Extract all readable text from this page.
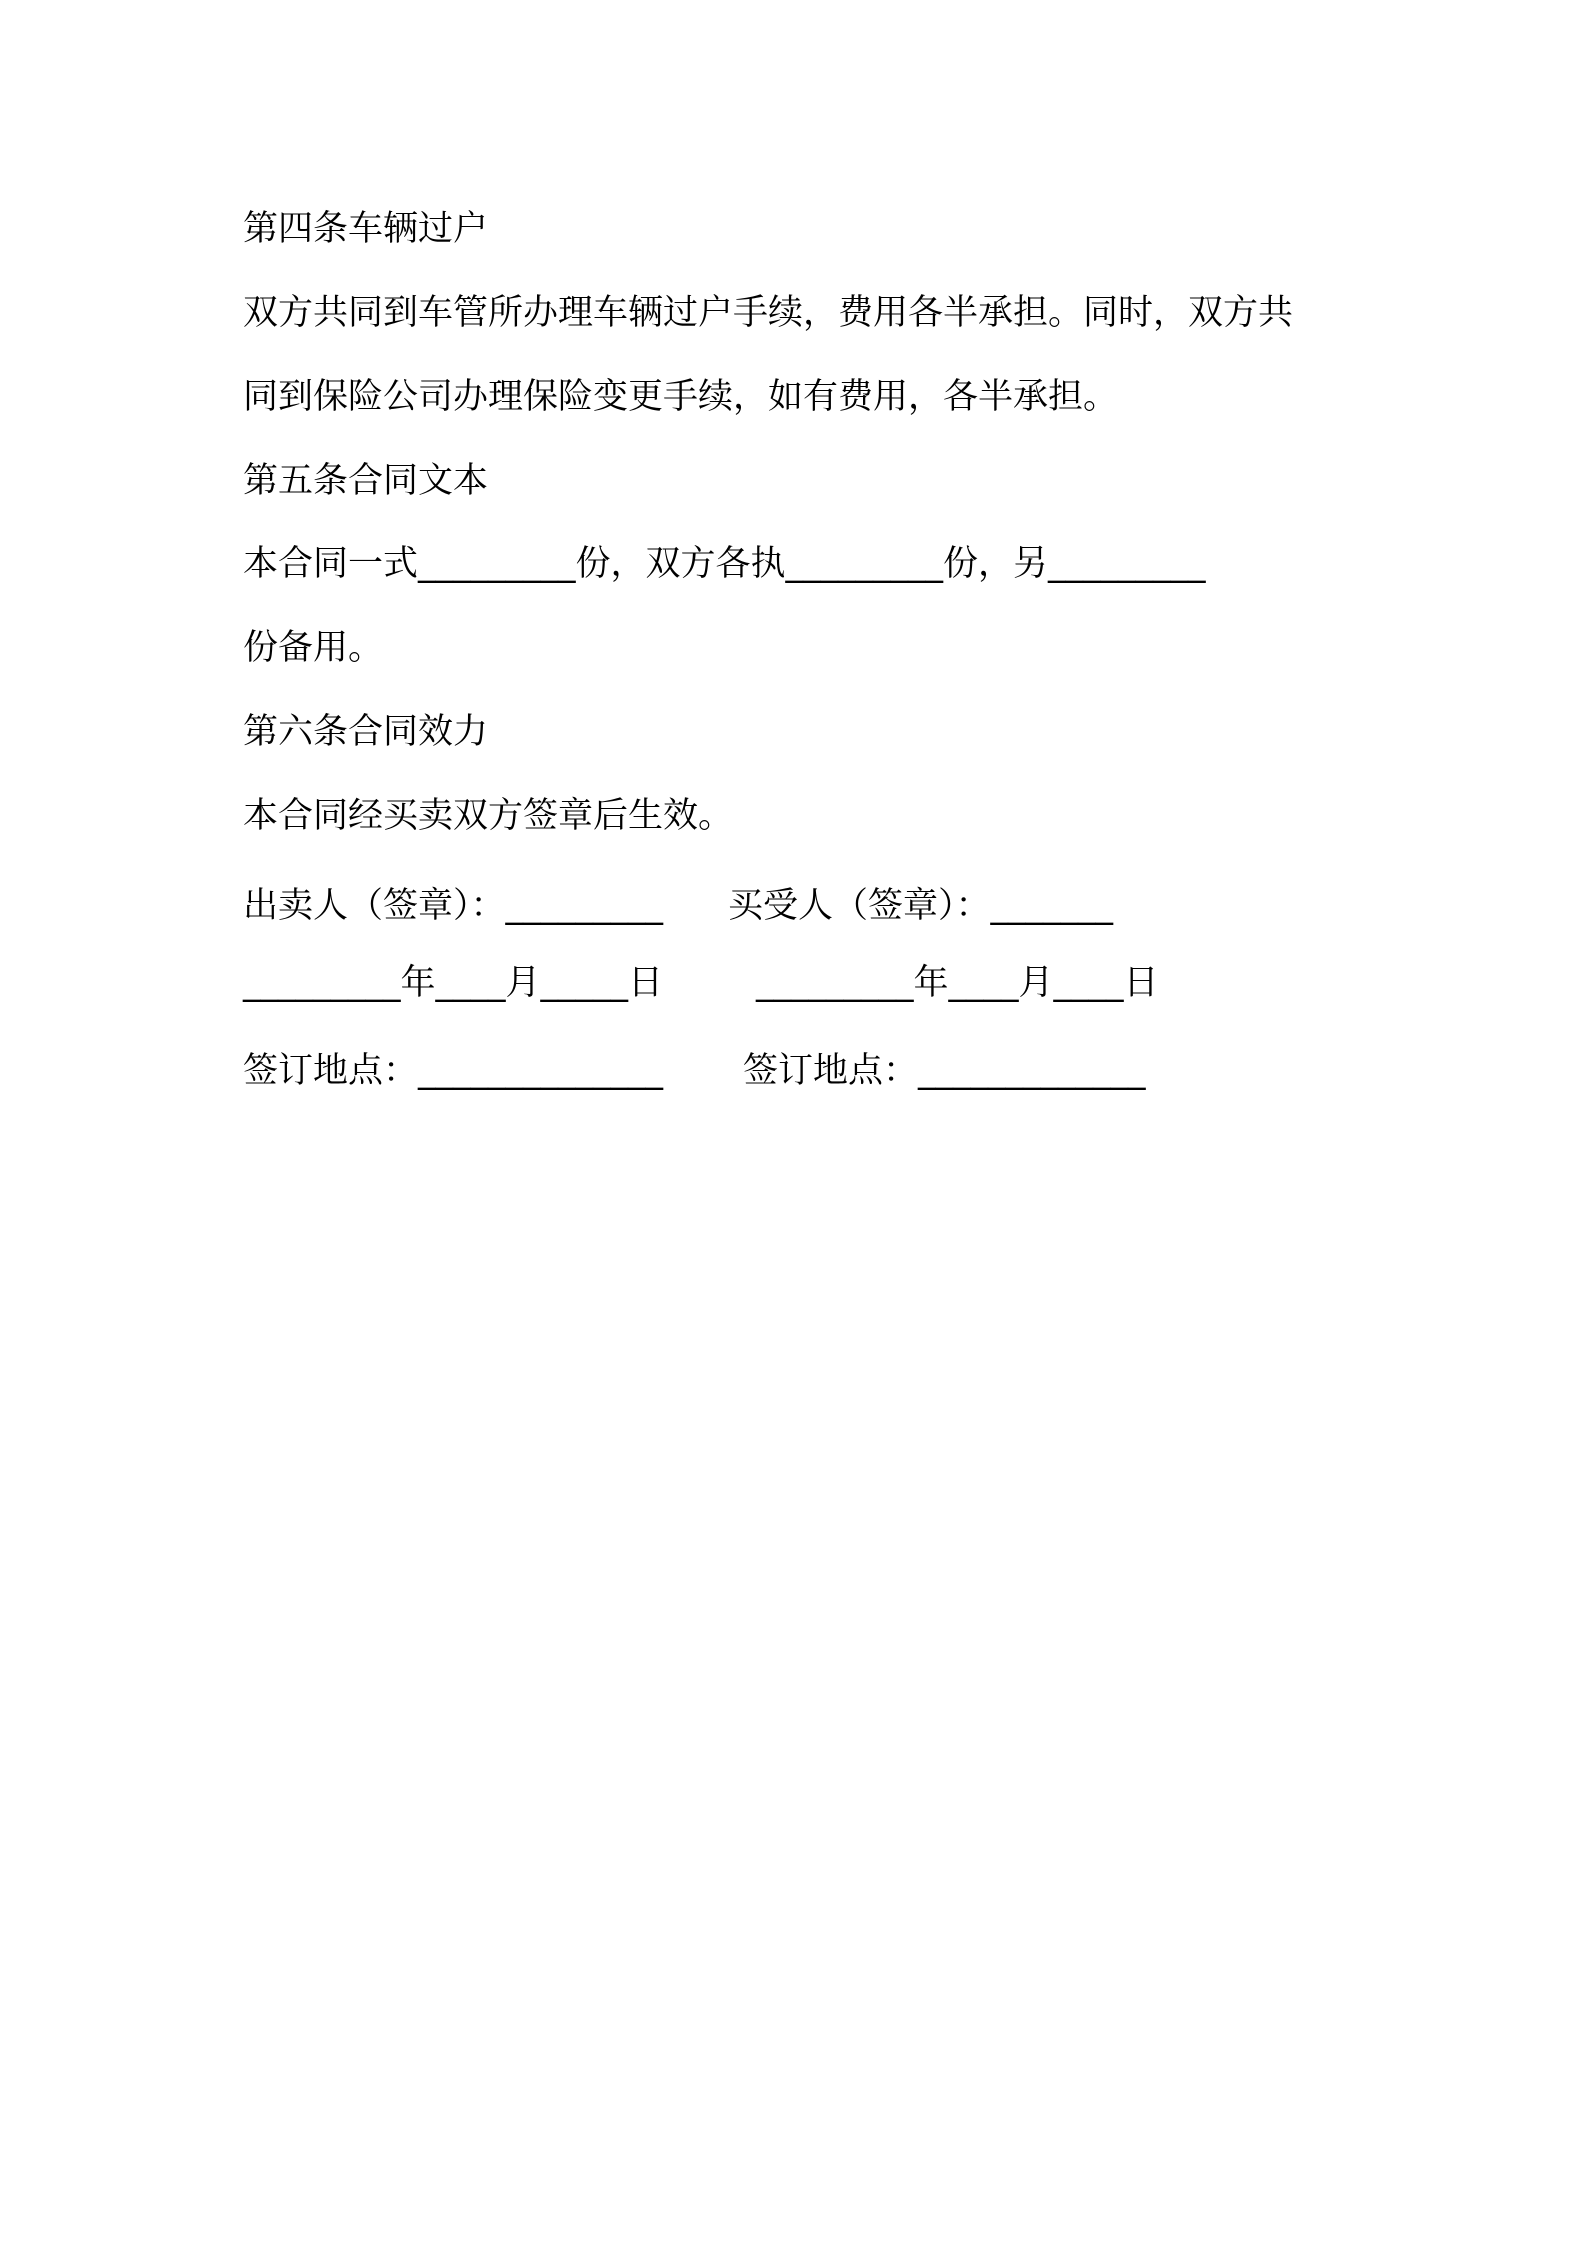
第四条车辆过户
双方共同到车管所办理车辆过户手续，费用各半承担。同时，双方共
同到保险公司办理保险变更手续，如有费用，各半承担。
第五条合同文本
本合同一式_________份，双方各执_________份，另_________
份备用。
第六条合同效力
本合同经买卖双方签章后生效。
出卖人（签章）：_________ 买受人（签章）：_______
_________年____月_____日	_________年____月____日
签订地点：______________ 签订地点：_____________
